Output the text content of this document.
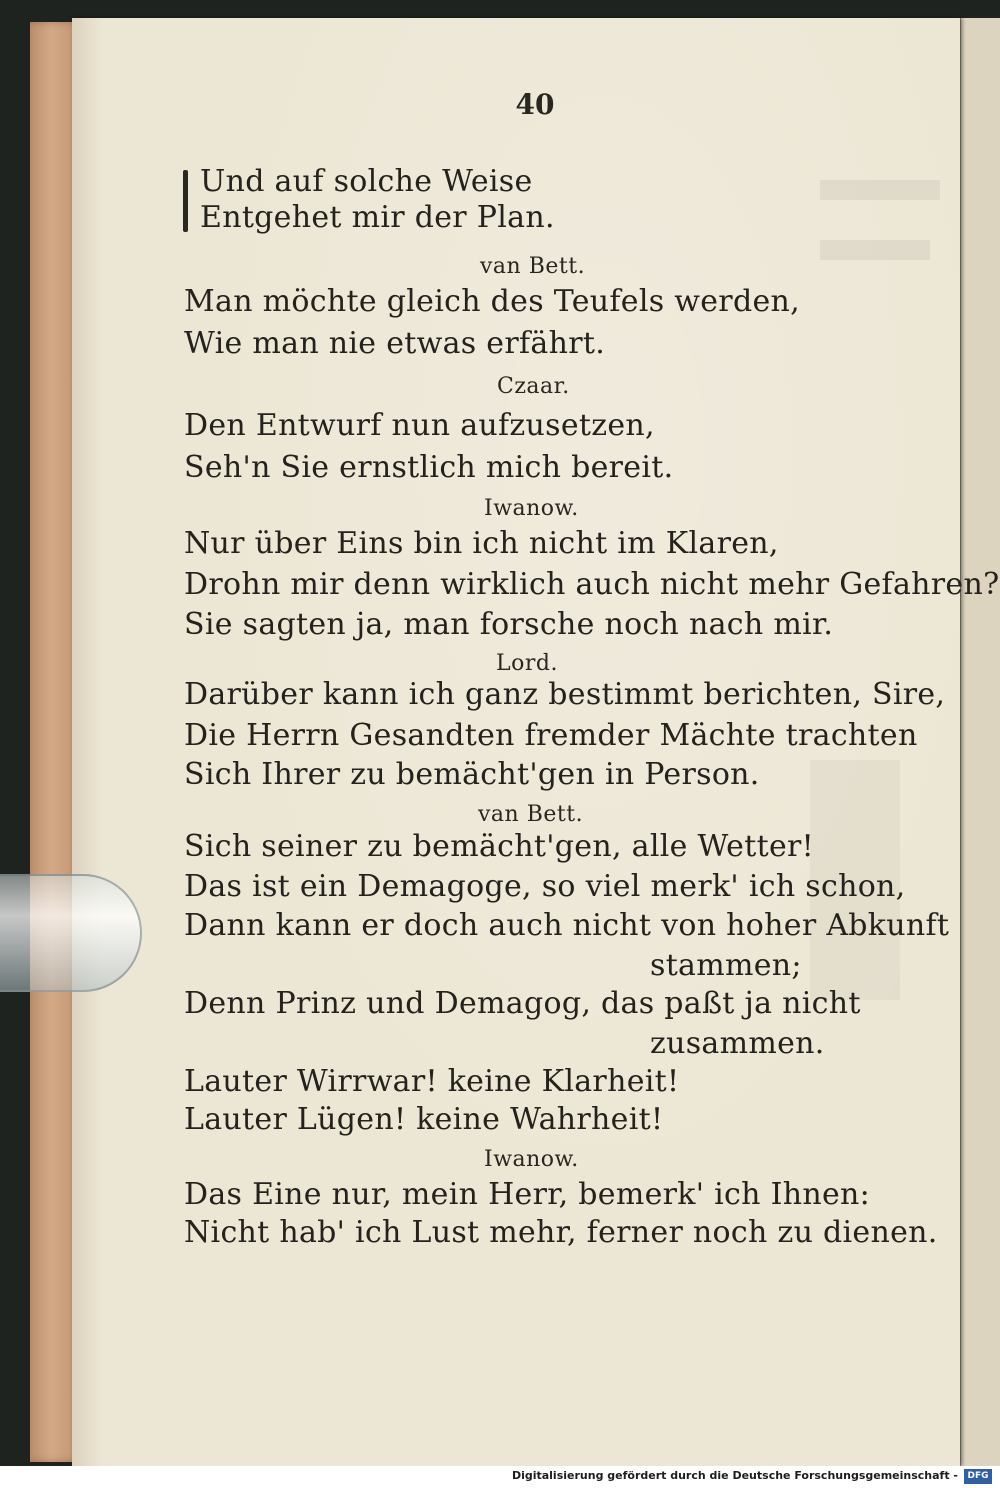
40
Und auf solche Weise
Entgehet mir der Plan.
van Bett.
Man möchte gleich des Teufels werden,
Wie man nie etwas erfährt.
Czaar.
Den Entwurf nun aufzusetzen,
Seh'n Sie ernstlich mich bereit.
Iwanow.
Nur über Eins bin ich nicht im Klaren,
Drohn mir denn wirklich auch nicht mehr Gefahren?
Sie sagten ja, man forsche noch nach mir.
Lord.
Darüber kann ich ganz bestimmt berichten, Sire,
Die Herrn Gesandten fremder Mächte trachten
Sich Ihrer zu bemächt'gen in Person.
van Bett.
Sich seiner zu bemächt'gen, alle Wetter!
Das ist ein Demagoge, so viel merk' ich schon,
Dann kann er doch auch nicht von hoher Abkunft
stammen;
Denn Prinz und Demagog, das paßt ja nicht
zusammen.
Lauter Wirrwar! keine Klarheit!
Lauter Lügen! keine Wahrheit!
Iwanow.
Das Eine nur, mein Herr, bemerk' ich Ihnen:
Nicht hab' ich Lust mehr, ferner noch zu dienen.
Digitalisierung gefördert durch die Deutsche Forschungsgemeinschaft -	DFG
